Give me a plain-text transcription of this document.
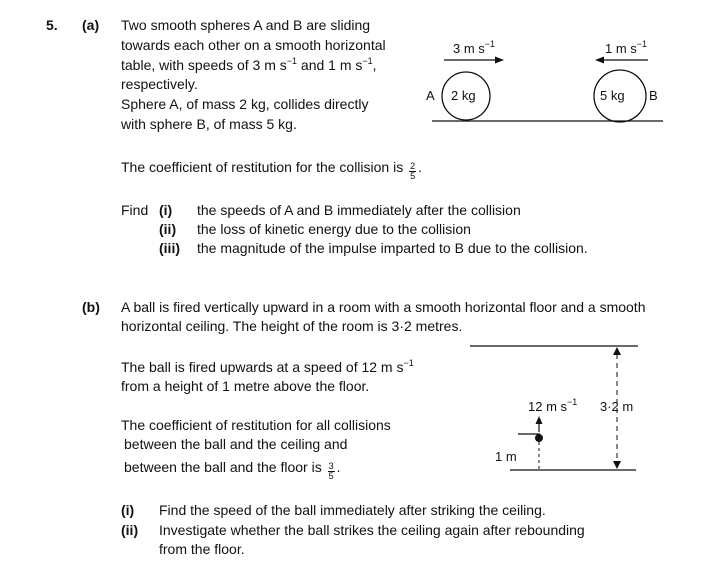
5. (a) Two smooth spheres A and B are sliding
towards each other on a smooth horizontal
table, with speeds of 3 m $s^{-1}$ and 1 m $s^{-1}$,
respectively.
Sphere A, of mass 2 kg, collides directly
with sphere B, of mass 5 kg.
3 m $s^{-1}$	1 m $s^{-1}$
2 kg
A	5 kg B
The coefficient of restitution for the collision is $\frac{2}{5}$ .
Find (i) the speeds of A and B immediately after the collision
(ii) the loss of kinetic energy due to the collision
(iii) the magnitude of the impulse imparted to B due to the collision.
(b) A ball is fired vertically upward in a room with a smooth horizontal floor and a smooth
horizontal ceiling. The height of the room is 3·2 metres.
The ball is fired upwards at a speed of 12 m $s^{-1}$
from a height of 1 metre above the floor.
The coefficient of restitution for all collisions
between the ball and the ceiling and
between the ball and the floor is $\frac{3}{5}$ .
3·2 m
12 m $s^{-1}$
1 m
(i) Find the speed of the ball immediately after striking the ceiling.
(ii) Investigate whether the ball strikes the ceiling again after rebounding
from the floor.
